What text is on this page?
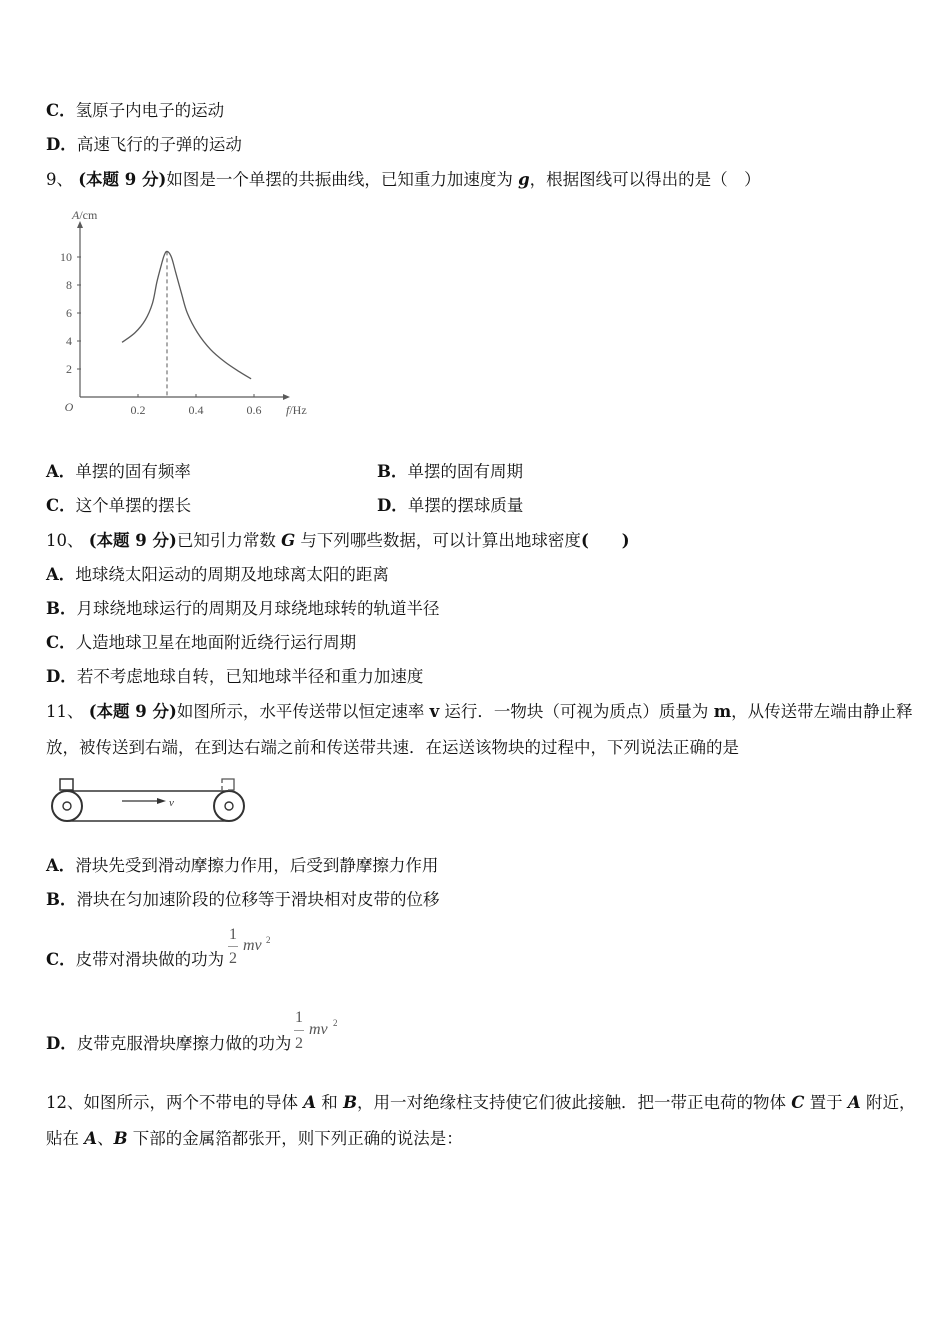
C．氢原子内电子的运动
D．高速飞行的子弹的运动
9、 (本题 9 分)如图是一个单摆的共振曲线，已知重力加速度为 g，根据图线可以得出的是（　）
2
4
6
8
10
0.2	0.4	0.6
O	f/Hz
A/cm
A．单摆的固有频率	B．单摆的固有周期
C．这个单摆的摆长	D．单摆的摆球质量
10、 (本题 9 分)已知引力常数 G 与下列哪些数据，可以计算出地球密度(　　)
A．地球绕太阳运动的周期及地球离太阳的距离
B．月球绕地球运行的周期及月球绕地球转的轨道半径
C．人造地球卫星在地面附近绕行运行周期
D．若不考虑地球自转，已知地球半径和重力加速度
11、 (本题 9 分)如图所示，水平传送带以恒定速率 v 运行．一物块（可视为质点）质量为 m，从传送带左端由静止释
放，被传送到右端，在到达右端之前和传送带共速．在运送该物块的过程中，下列说法正确的是
v
A．滑块先受到滑动摩擦力作用，后受到静摩擦力作用
B．滑块在匀加速阶段的位移等于滑块相对皮带的位移
C．皮带对滑块做的功为
1
2
mv 2
D．皮带克服滑块摩擦力做的功为
1
2
mv 2
12、如图所示，两个不带电的导体 A 和 B，用一对绝缘柱支持使它们彼此接触．把一带正电荷的物体 C 置于 A 附近，
贴在 A、B 下部的金属箔都张开，则下列正确的说法是：
